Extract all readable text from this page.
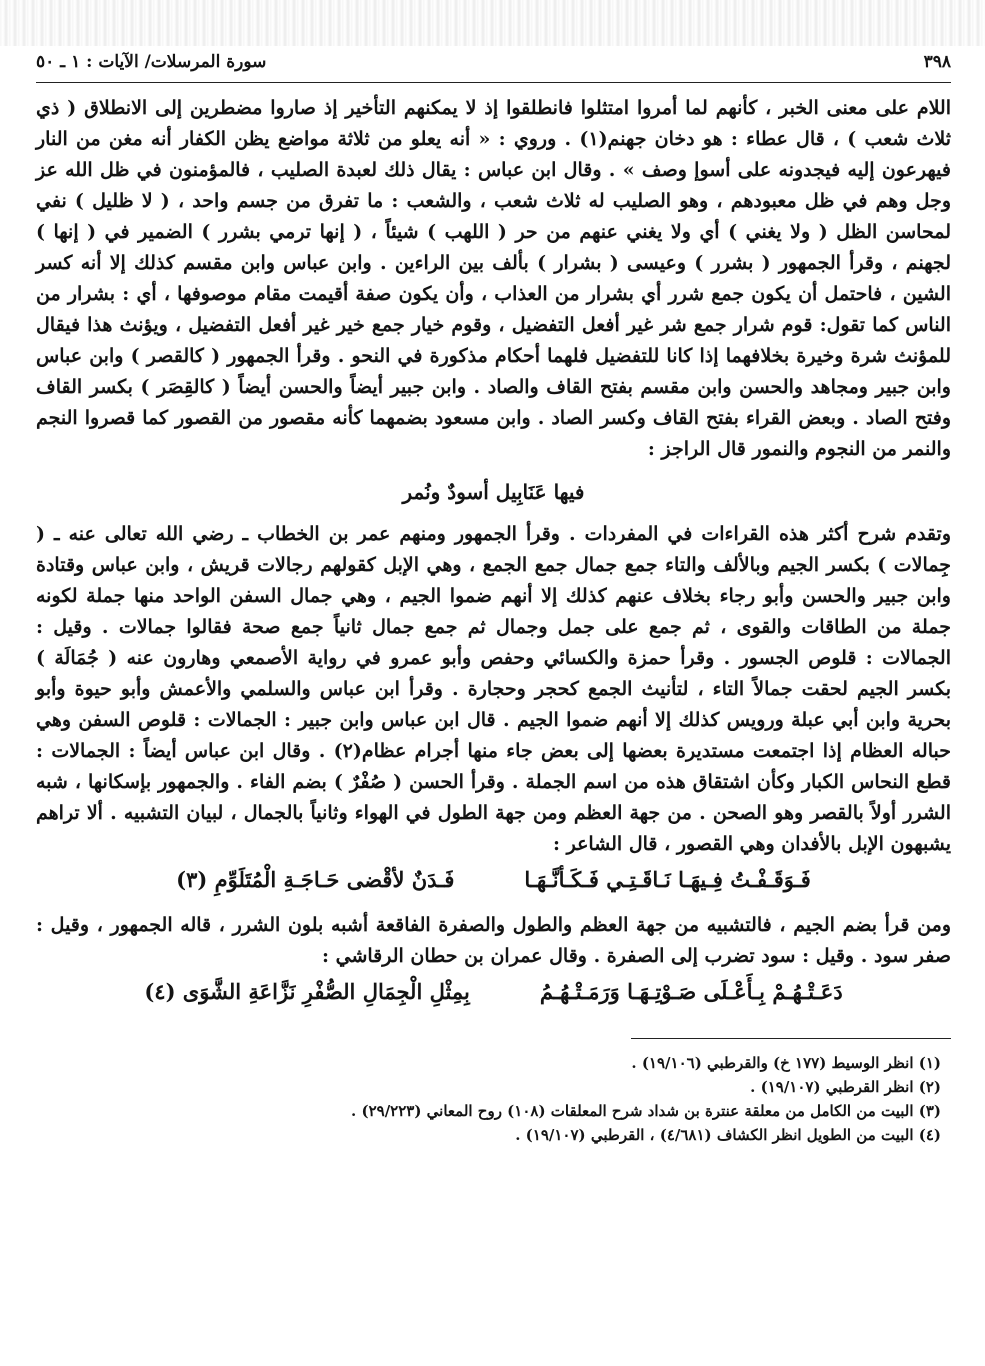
٣٩٨
سورة المرسلات/ الآيات : ١ ـ ٥٠

اللام على معنى الخبر ، كأنهم لما أمروا امتثلوا فانطلقوا إذ لا يمكنهم التأخير إذ صاروا مضطرين إلى الانطلاق ( ذي ثلاث شعب ) ، قال عطاء : هو دخان جهنم(١) . وروي : « أنه يعلو من ثلاثة مواضع يظن الكفار أنه مغن من النار فيهرعون إليه فيجدونه على أسوإ وصف » . وقال ابن عباس : يقال ذلك لعبدة الصليب ، فالمؤمنون في ظل الله عز وجل وهم في ظل معبودهم ، وهو الصليب له ثلاث شعب ، والشعب : ما تفرق من جسم واحد ، ( لا ظليل ) نفي لمحاسن الظل ( ولا يغني ) أي ولا يغني عنهم من حر ( اللهب ) شيئاً ، ( إنها ترمي بشرر ) الضمير في ( إنها ) لجهنم ، وقرأ الجمهور ( بشرر ) وعيسى ( بشرار ) بألف بين الراءين . وابن عباس وابن مقسم كذلك إلا أنه كسر الشين ، فاحتمل أن يكون جمع شرر أي بشرار من العذاب ، وأن يكون صفة أقيمت مقام موصوفها ، أي : بشرار من الناس كما تقول: قوم شرار جمع شر غير أفعل التفضيل ، وقوم خيار جمع خير غير أفعل التفضيل ، ويؤنث هذا فيقال للمؤنث شرة وخيرة بخلافهما إذا كانا للتفضيل فلهما أحكام مذكورة في النحو . وقرأ الجمهور ( كالقصر ) وابن عباس وابن جبير ومجاهد والحسن وابن مقسم بفتح القاف والصاد . وابن جبير أيضاً والحسن أيضاً ( كالقِصَر ) بكسر القاف وفتح الصاد . وبعض القراء بفتح القاف وكسر الصاد . وابن مسعود بضمهما كأنه مقصور من القصور كما قصروا النجم والنمر من النجوم والنمور قال الراجز :

فيها عَنَابِيل أسودٌ ونُمر

وتقدم شرح أكثر هذه القراءات في المفردات . وقرأ الجمهور ومنهم عمر بن الخطاب ـ رضي الله تعالى عنه ـ ( جِمالات ) بكسر الجيم وبالألف والتاء جمع جمال جمع الجمع ، وهي الإبل كقولهم رجالات قريش ، وابن عباس وقتادة وابن جبير والحسن وأبو رجاء بخلاف عنهم كذلك إلا أنهم ضموا الجيم ، وهي جمال السفن الواحد منها جملة لكونه جملة من الطاقات والقوى ، ثم جمع على جمل وجمال ثم جمع جمال ثانياً جمع صحة فقالوا جمالات . وقيل : الجمالات : قلوص الجسور . وقرأ حمزة والكسائي وحفص وأبو عمرو في رواية الأصمعي وهارون عنه ( جُمَالَة ) بكسر الجيم لحقت جمالاً التاء ، لتأنيث الجمع كحجر وحجارة . وقرأ ابن عباس والسلمي والأعمش وأبو حيوة وأبو بحرية وابن أبي عبلة ورويس كذلك إلا أنهم ضموا الجيم . قال ابن عباس وابن جبير : الجمالات : قلوص السفن وهي حباله العظام إذا اجتمعت مستديرة بعضها إلى بعض جاء منها أجرام عظام(٢) . وقال ابن عباس أيضاً : الجمالات : قطع النحاس الكبار وكأن اشتقاق هذه من اسم الجملة . وقرأ الحسن ( صُفْرٌ ) بضم الفاء . والجمهور بإسكانها ، شبه الشرر أولاً بالقصر وهو الصحن . من جهة العظم ومن جهة الطول في الهواء وثانياً بالجمال ، لبيان التشبيه . ألا تراهم يشبهون الإبل بالأفدان وهي القصور ، قال الشاعر :

فَـوَقَـفْـتُ فِـيهَـا نَـاقَـتِـي فَـكَـأنَّـهَـا
فَـدَنٌ لأقْضى حَـاجَـةِ الْمُتَلَوِّمِ (٣)

ومن قرأ بضم الجيم ، فالتشبيه من جهة العظم والطول والصفرة الفاقعة أشبه بلون الشرر ، قاله الجمهور ، وقيل : صفر سود . وقيل : سود تضرب إلى الصفرة . وقال عمران بن حطان الرقاشي :

دَعَـتْـهُـمْ بِـأَعْـلَى صَـوْتِـهَـا وَرَمَـتْـهُـمُ
بِمِثْلِ الْجِمَالِ الصُّفْرِ نَزَّاعَةِ الشَّوَى (٤)
(١) انظر الوسيط (١٧٧ خ) والقرطبي (١٩/١٠٦) .
(٢) انظر القرطبي (١٩/١٠٧) .
(٣) البيت من الكامل من معلقة عنترة بن شداد شرح المعلقات (١٠٨) روح المعاني (٢٩/٢٢٣) .
(٤) البيت من الطويل انظر الكشاف (٤/٦٨١) ، القرطبي (١٩/١٠٧) .
